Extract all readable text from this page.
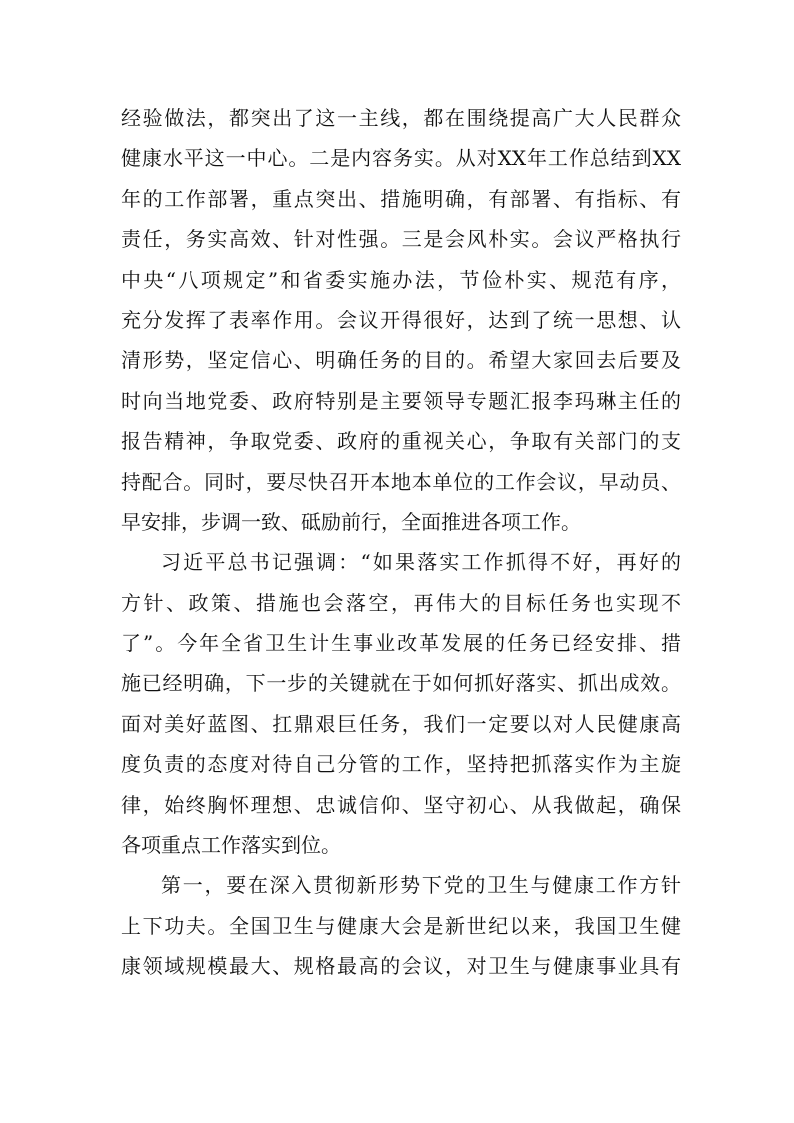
经验做法，都突出了这一主线，都在围绕提高广大人民群众
健康水平这一中心。二是内容务实。从对XX年工作总结到XX
年的工作部署，重点突出、措施明确，有部署、有指标、有
责任，务实高效、针对性强。三是会风朴实。会议严格执行
中央“八项规定”和省委实施办法，节俭朴实、规范有序，
充分发挥了表率作用。会议开得很好，达到了统一思想、认
清形势，坚定信心、明确任务的目的。希望大家回去后要及
时向当地党委、政府特别是主要领导专题汇报李玛琳主任的
报告精神，争取党委、政府的重视关心，争取有关部门的支
持配合。同时，要尽快召开本地本单位的工作会议，早动员、
早安排，步调一致、砥励前行，全面推进各项工作。
习近平总书记强调：“如果落实工作抓得不好，再好的
方针、政策、措施也会落空，再伟大的目标任务也实现不
了”。今年全省卫生计生事业改革发展的任务已经安排、措
施已经明确，下一步的关键就在于如何抓好落实、抓出成效。
面对美好蓝图、扛鼎艰巨任务，我们一定要以对人民健康高
度负责的态度对待自己分管的工作，坚持把抓落实作为主旋
律，始终胸怀理想、忠诚信仰、坚守初心、从我做起，确保
各项重点工作落实到位。
第一，要在深入贯彻新形势下党的卫生与健康工作方针
上下功夫。全国卫生与健康大会是新世纪以来，我国卫生健
康领域规模最大、规格最高的会议，对卫生与健康事业具有
